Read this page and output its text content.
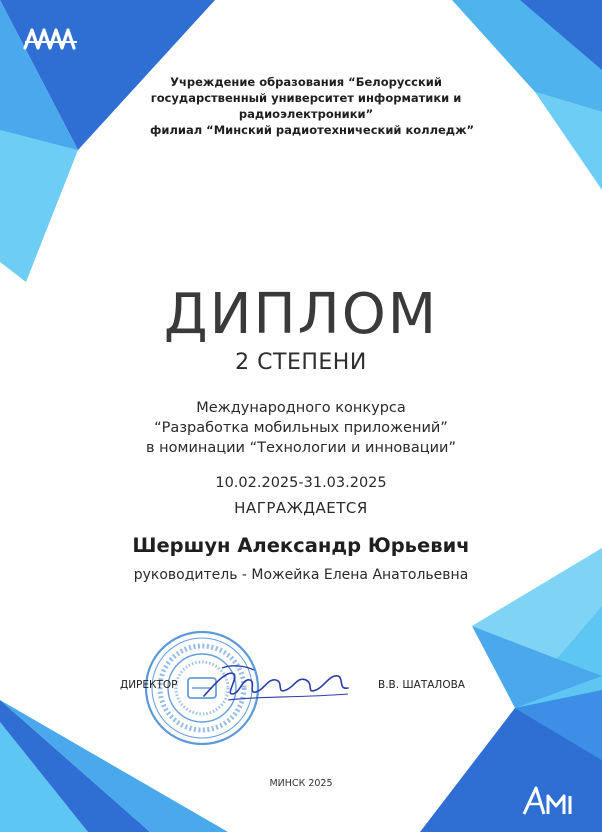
Учреждение образования “Белорусский
государственный университет информатики и
радиоэлектроники”
филиал “Минский радиотехнический колледж”
ДИПЛОМ
2 СТЕПЕНИ
Международного конкурса
“Разработка мобильных приложений”
в номинации “Технологии и инновации”
10.02.2025-31.03.2025
НАГРАЖДАЕТСЯ
Шершун Александр Юрьевич
руководитель - Можейка Елена Анатольевна
ДИРЕКТОР	В.В. ШАТАЛОВА
МИНСК 2025
